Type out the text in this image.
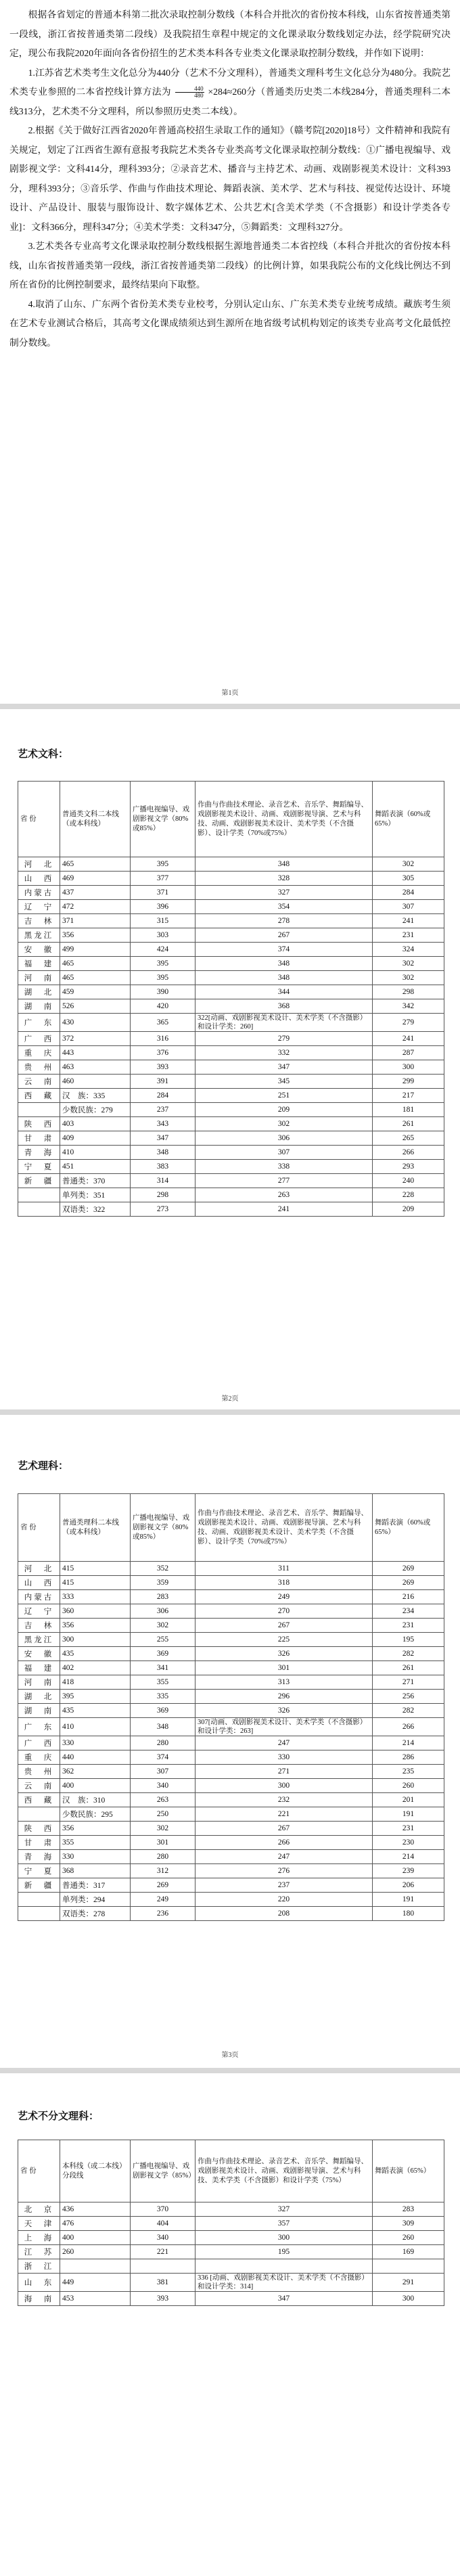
根据各省划定的普通本科第二批次录取控制分数线（本科合并批次的省份按本科线，山东省按普通类第一段线，浙江省按普通类第二段线）及我院招生章程中规定的文化课录取分数线划定办法，经学院研究决定，现公布我院2020年面向各省份招生的艺术类本科各专业类文化课录取控制分数线，并作如下说明：

1.江苏省艺术类考生文化总分为440分（艺术不分文理科），普通类文理科考生文化总分为480分。我院艺术类专业参照的二本省控线计算方法为 $\frac{440}{480} \times 284\approx 260$分（普通类历史类二本线284分，普通类理科二本线313分，艺术类不分文理科，所以参照历史类二本线）。

2.根据《关于做好江西省2020年普通高校招生录取工作的通知》（赣考院[2020]18号）文件精神和我院有关规定，划定了江西省生源有意报考我院艺术类各专业类高考文化课录取控制分数线：①广播电视编导、戏剧影视文学：文科414分，理科393分；②录音艺术、播音与主持艺术、动画、戏剧影视美术设计：文科393分，理科393分；③音乐学、作曲与作曲技术理论、舞蹈表演、美术学、艺术与科技、视觉传达设计、环境设计、产品设计、服装与服饰设计、数字媒体艺术、公共艺术[含美术学类（不含摄影）和设计学类各专业]：文科366分，理科347分；④美术学类：文科347分，⑤舞蹈类：文理科327分。

3.艺术类各专业高考文化课录取控制分数线根据生源地普通类二本省控线（本科合并批次的省份按本科线，山东省按普通类第一段线，浙江省按普通类第二段线）的比例计算，如果我院公布的文化线比例达不到所在省份的比例控制要求，最终结果向下取整。

4.取消了山东、广东两个省份美术类专业校考，分别认定山东、广东美术类专业统考成绩。藏族考生须在艺术专业测试合格后，其高考文化课成绩须达到生源所在地省级考试机构划定的该类专业高考文化最低控制分数线。

第1页
艺术文科：
省 份	普通类文科二本线（或本科线）	广播电视编导、戏剧影视文学（80%或85%）	作曲与作曲技术理论、录音艺术、音乐学、舞蹈编导、戏剧影视美术设计、动画、戏剧影视导演、艺术与科技、动画、戏剧影视美术设计、美术学类（不含摄影）、设计学类（70%或75%）	舞蹈表演（60%或65%）
河　北	465	395	348	302
山　西	469	377	328	305
内蒙古	437	371	327	284
辽　宁	472	396	354	307
吉　林	371	315	278	241
黑龙江	356	303	267	231
安　徽	499	424	374	324
福　建	465	395	348	302
河　南	465	395	348	302
湖　北	459	390	344	298
湖　南	526	420	368	342
广　东	430	365	322[动画、戏剧影视美术设计、美术学类（不含摄影）和设计学类：260]	279
广　西	372	316	279	241
重　庆	443	376	332	287
贵　州	463	393	347	300
云　南	460	391	345	299
西　藏	汉　族：335	284	251	217
	少数民族：279	237	209	181
陕　西	403	343	302	261
甘　肃	409	347	306	265
青　海	410	348	307	266
宁　夏	451	383	338	293
新　疆	普通类：370	314	277	240
	单列类：351	298	263	228
	双语类：322	273	241	209
第2页
艺术理科：
省 份	普通类理科二本线（或本科线）	广播电视编导、戏剧影视文学（80%或85%）	作曲与作曲技术理论、录音艺术、音乐学、舞蹈编导、戏剧影视美术设计、动画、戏剧影视导演、艺术与科技、动画、戏剧影视美术设计、美术学类（不含摄影）、设计学类（70%或75%）	舞蹈表演（60%或65%）
河　北	415	352	311	269
山　西	415	359	318	269
内蒙古	333	283	249	216
辽　宁	360	306	270	234
吉　林	356	302	267	231
黑龙江	300	255	225	195
安　徽	435	369	326	282
福　建	402	341	301	261
河　南	418	355	313	271
湖　北	395	335	296	256
湖　南	435	369	326	282
广　东	410	348	307[动画、戏剧影视美术设计、美术学类（不含摄影）和设计学类：263]	266
广　西	330	280	247	214
重　庆	440	374	330	286
贵　州	362	307	271	235
云　南	400	340	300	260
西　藏	汉　族：310	263	232	201
	少数民族：295	250	221	191
陕　西	356	302	267	231
甘　肃	355	301	266	230
青　海	330	280	247	214
宁　夏	368	312	276	239
新　疆	普通类：317	269	237	206
	单列类：294	249	220	191
	双语类：278	236	208	180
第3页
艺术不分文理科：
省 份	本科线（或二本线）分段线	广播电视编导、戏剧影视文学（85%）	作曲与作曲技术理论、录音艺术、音乐学、舞蹈编导、戏剧影视美术设计、动画、戏剧影视导演、艺术与科技、美术学类（不含摄影）和设计学类（75%）	舞蹈表演（65%）
北　京	436	370	327	283
天　津	476	404	357	309
上　海	400	340	300	260
江　苏	260	221	195	169
浙　江				
山　东	449	381	336 [动画、戏剧影视美术设计、美术学类（不含摄影）和设计学类：314]	291
海　南	453	393	347	300
